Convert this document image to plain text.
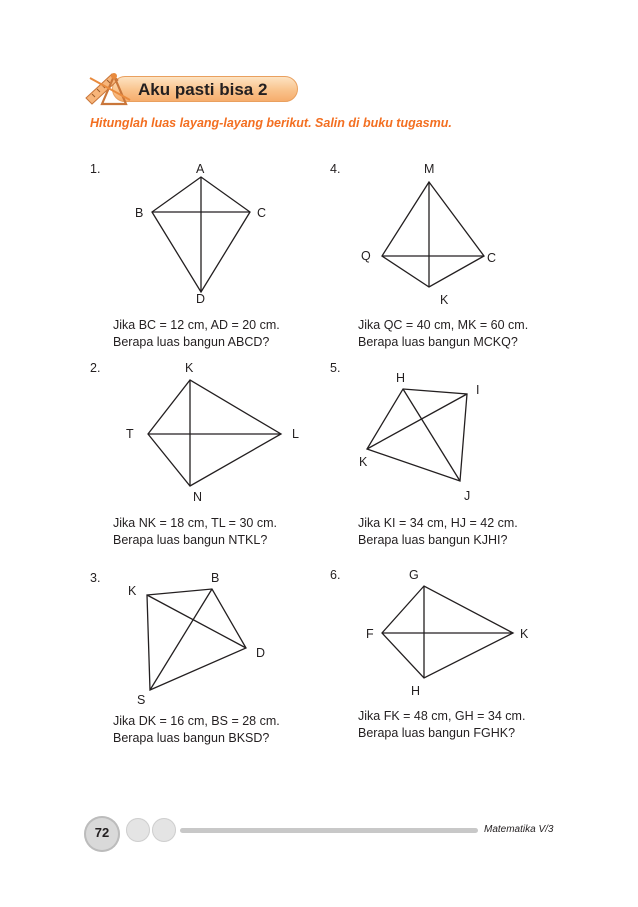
Aku pasti bisa 2
Hitunglah luas layang-layang berikut. Salin di buku tugasmu.
1.	A
B	C
D
Jika BC = 12 cm, AD = 20 cm.
Berapa luas bangun ABCD?
2.	K
T	L
N
Jika NK = 18 cm, TL = 30 cm.
Berapa luas bangun NTKL?
3.
K
B
D
S
Jika DK = 16 cm, BS = 28 cm.
Berapa luas bangun BKSD?
4.	M
Q	C
K
Jika QC = 40 cm, MK = 60 cm.
Berapa luas bangun MCKQ?
5.
H
I
K
J
Jika KI = 34 cm, HJ = 42 cm.
Berapa luas bangun KJHI?
6.	G
F	K
H
Jika FK = 48 cm, GH = 34 cm.
Berapa luas bangun FGHK?
72	Matematika V/3
